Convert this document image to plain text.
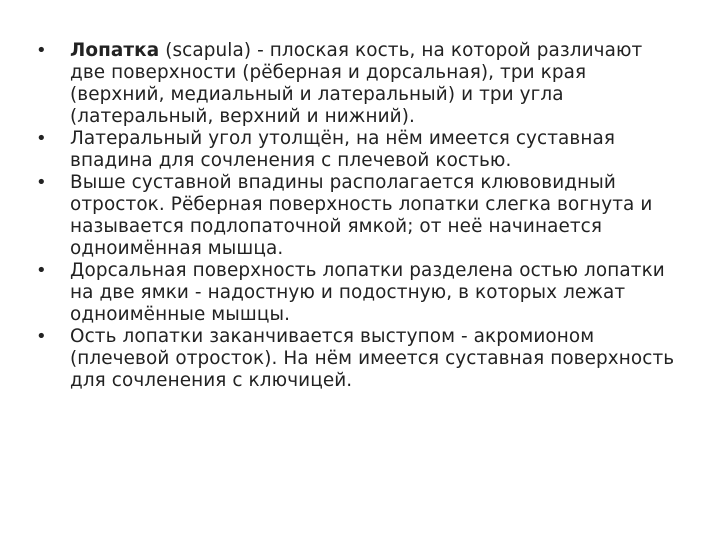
• Лопатка (scapula) - плоская кость, на которой различают две поверхности (рёберная и дорсальная), три края (верхний, медиальный и латеральный) и три угла (латеральный, верхний и нижний).
• Латеральный угол утолщён, на нём имеется суставная впадина для сочленения с плечевой костью.
• Выше суставной впадины располагается клювовидный отросток. Рёберная поверхность лопатки слегка вогнута и называется подлопаточной ямкой; от неё начинается одноимённая мышца.
• Дорсальная поверхность лопатки разделена остью лопатки на две ямки - надостную и подостную, в которых лежат одноимённые мышцы.
• Ость лопатки заканчивается выступом - акромионом (плечевой отросток). На нём имеется суставная поверхность для сочленения с ключицей.
